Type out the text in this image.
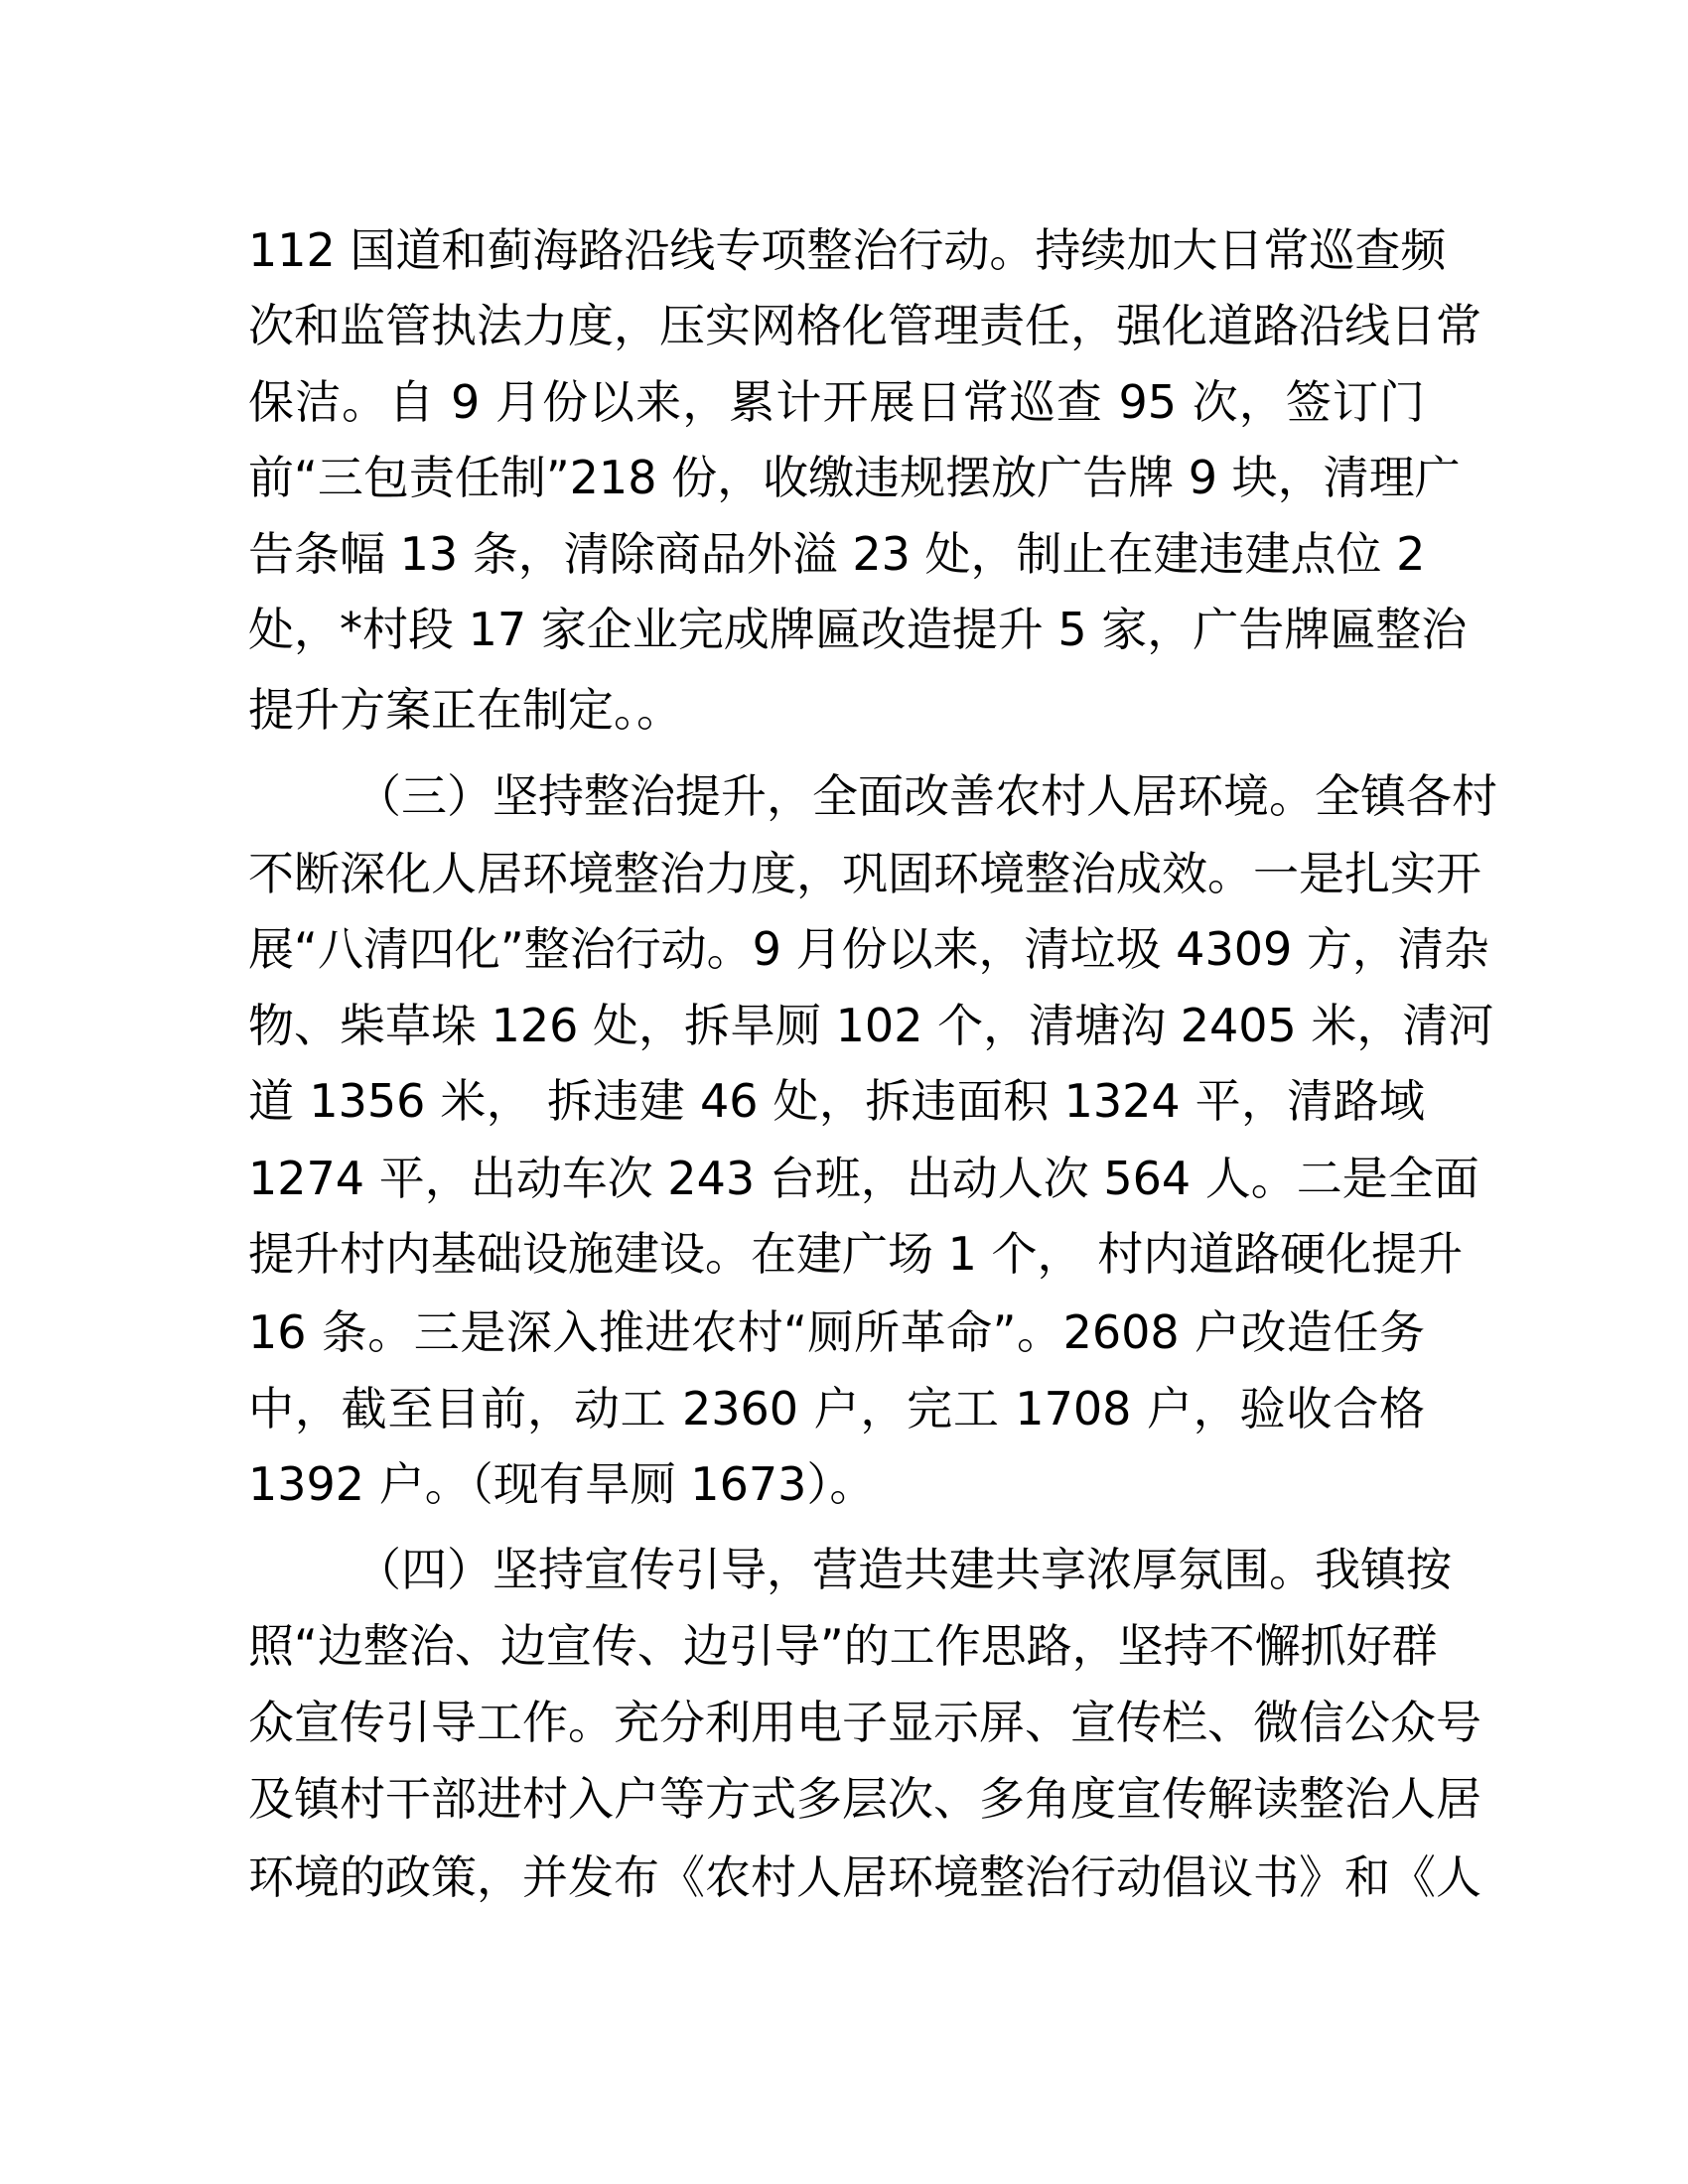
112 国道和蓟海路沿线专项整治行动。持续加大日常巡查频
次和监管执法力度，压实网格化管理责任，强化道路沿线日常
保洁。自 9 月份以来，累计开展日常巡查 95 次，签订门
前“三包责任制”218 份，收缴违规摆放广告牌 9 块，清理广
告条幅 13 条，清除商品外溢 23 处，制止在建违建点位 2
处，*村段 17 家企业完成牌匾改造提升 5 家，广告牌匾整治
提升方案正在制定。。
（三）坚持整治提升，全面改善农村人居环境。全镇各村
不断深化人居环境整治力度，巩固环境整治成效。一是扎实开
展“八清四化”整治行动。9 月份以来，清垃圾 4309 方，清杂
物、柴草垛 126 处，拆旱厕 102 个，清塘沟 2405 米，清河
道 1356 米， 拆违建 46 处，拆违面积 1324 平，清路域
1274 平，出动车次 243 台班，出动人次 564 人。二是全面
提升村内基础设施建设。在建广场 1 个， 村内道路硬化提升
16 条。三是深入推进农村“厕所革命”。2608 户改造任务
中，截至目前，动工 2360 户，完工 1708 户，验收合格
1392 户。（现有旱厕 1673）。
（四）坚持宣传引导，营造共建共享浓厚氛围。我镇按
照“边整治、边宣传、边引导”的工作思路，坚持不懈抓好群
众宣传引导工作。充分利用电子显示屏、宣传栏、微信公众号
及镇村干部进村入户等方式多层次、多角度宣传解读整治人居
环境的政策，并发布《农村人居环境整治行动倡议书》和《人
